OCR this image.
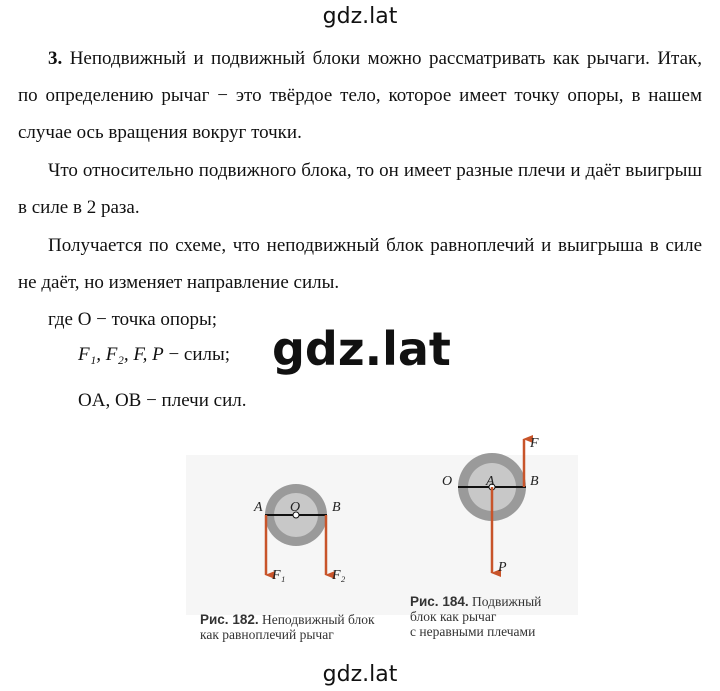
gdz.lat
3. Неподвижный и подвижный блоки можно рассматривать как рычаги. Итак, по определению рычаг − это твёрдое тело, которое имеет точку опоры, в нашем случае ось вращения вокруг точки.
Что относительно подвижного блока, то он имеет разные плечи и даёт выигрыш в силе в 2 раза.
Получается по схеме, что неподвижный блок равноплечий и выигрыша в силе не даёт, но изменяет направление силы.
где O − точка опоры;
F₁, F₂, F, P − силы;
OA, OB − плечи сил.
gdz.lat
A O B
F₁	F₂
O A	B
F
P
Рис. 182. Неподвижный блок
как равноплечий рычаг
Рис. 184. Подвижный
блок как рычаг
с неравными плечами
gdz.lat
